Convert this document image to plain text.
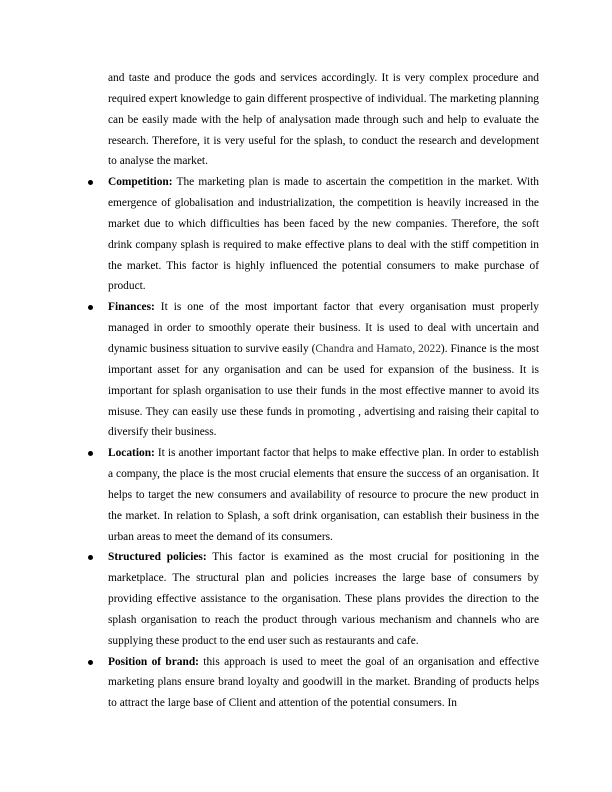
and taste and produce the gods and services accordingly. It is very complex procedure and required expert knowledge to gain different prospective of individual. The marketing planning can be easily made with the help of analysation made through such and help to evaluate the research. Therefore, it is very useful for the splash, to conduct the research and development to analyse the market.

Competition: The marketing plan is made to ascertain the competition in the market. With emergence of globalisation and industrialization, the competition is heavily increased in the market due to which difficulties has been faced by the new companies. Therefore, the soft drink company splash is required to make effective plans to deal with the stiff competition in the market. This factor is highly influenced the potential consumers to make purchase of product.

Finances: It is one of the most important factor that every organisation must properly managed in order to smoothly operate their business. It is used to deal with uncertain and dynamic business situation to survive easily (Chandra and Hamato, 2022). Finance is the most important asset for any organisation and can be used for expansion of the business. It is important for splash organisation to use their funds in the most effective manner to avoid its misuse. They can easily use these funds in promoting , advertising and raising their capital to diversify their business.

Location: It is another important factor that helps to make effective plan. In order to establish a company, the place is the most crucial elements that ensure the success of an organisation. It helps to target the new consumers and availability of resource to procure the new product in the market. In relation to Splash, a soft drink organisation, can establish their business in the urban areas to meet the demand of its consumers.

Structured policies: This factor is examined as the most crucial for positioning in the marketplace. The structural plan and policies increases the large base of consumers by providing effective assistance to the organisation. These plans provides the direction to the splash organisation to reach the product through various mechanism and channels who are supplying these product to the end user such as restaurants and cafe.

Position of brand: this approach is used to meet the goal of an organisation and effective marketing plans ensure brand loyalty and goodwill in the market. Branding of products helps to attract the large base of Client and attention of the potential consumers. In
